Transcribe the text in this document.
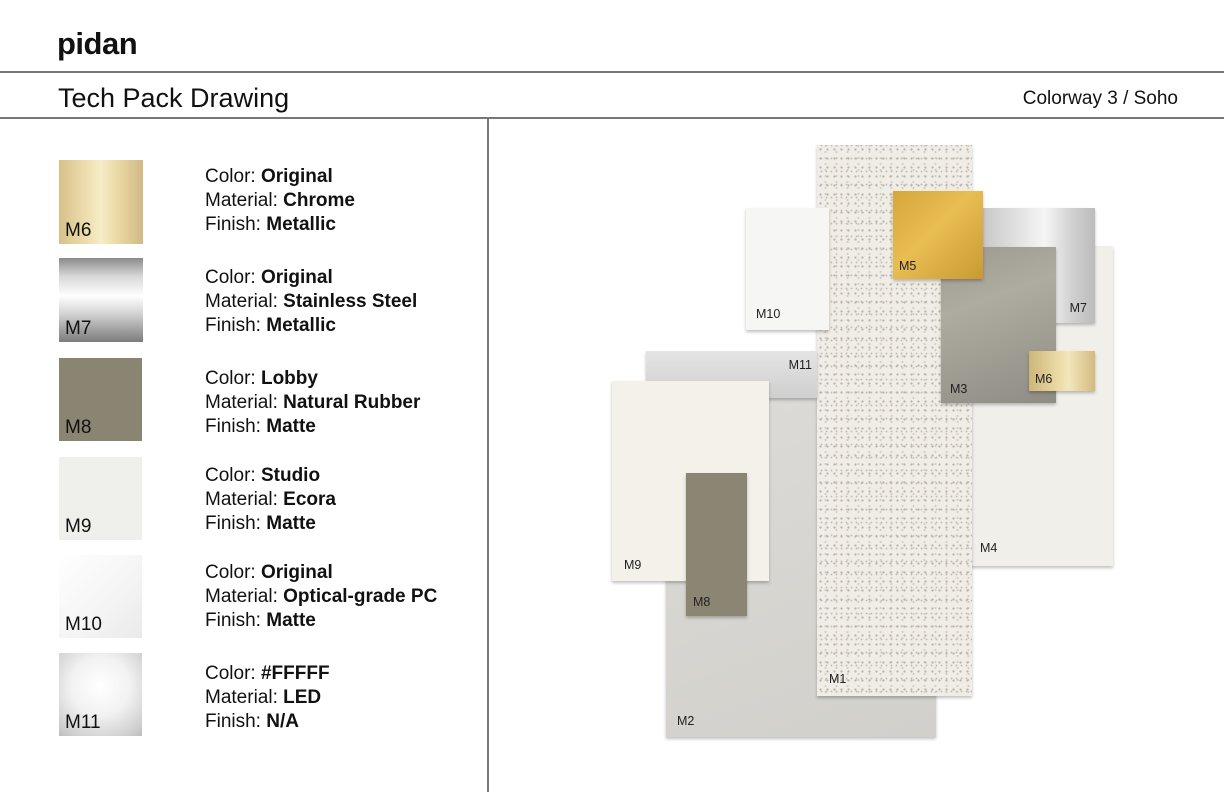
pidan
Tech Pack Drawing	Colorway 3 / Soho
M6
Color: Original
Material: Chrome
Finish: Metallic
M7
Color: Original
Material: Stainless Steel
Finish: Metallic
M8
Color: Lobby
Material: Natural Rubber
Finish: Matte
M9
Color: Studio
Material: Ecora
Finish: Matte
M10
Color: Original
Material: Optical-grade PC
Finish: Matte
M11
Color: #FFFFF
Material: LED
Finish: N/A	M2
M4
M1
M10
M11
M9
M8
M7
M3
M5
M6
